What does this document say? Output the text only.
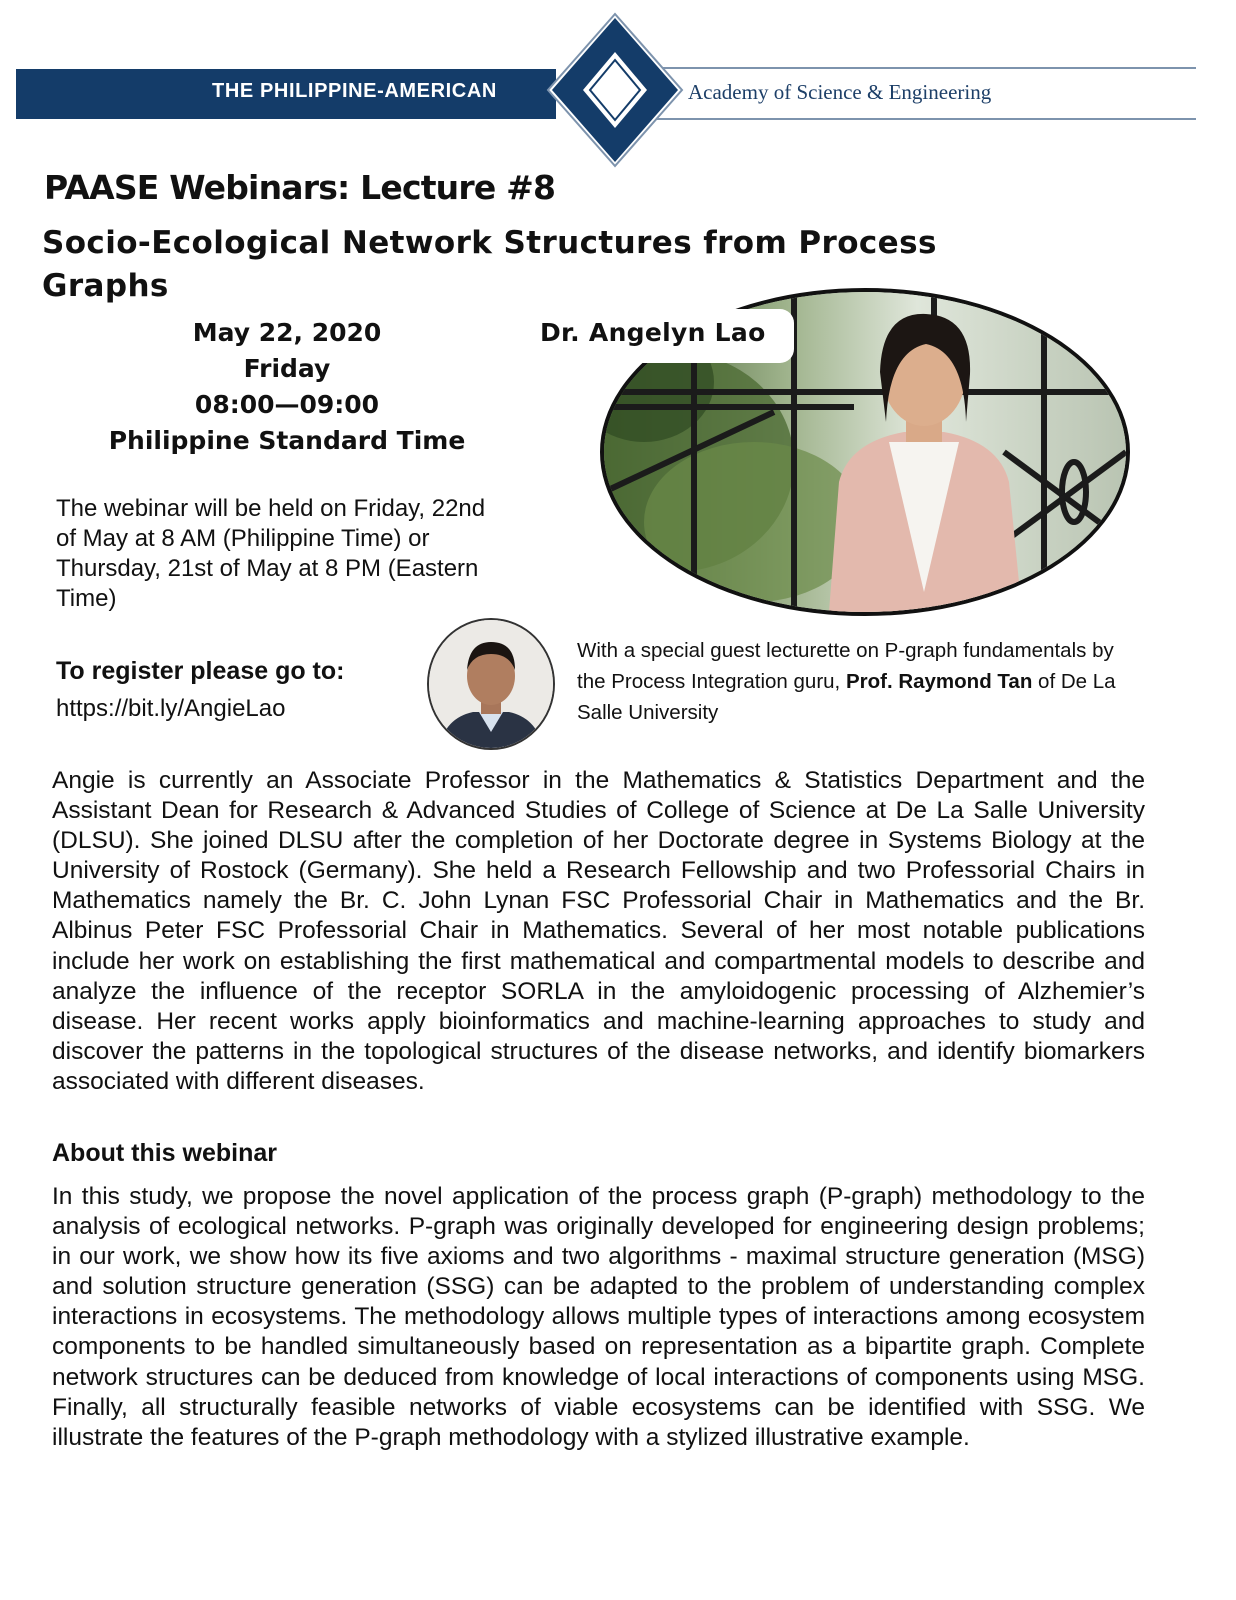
THE PHILIPPINE-AMERICAN	Academy of Science & Engineering
PAASE Webinars: Lecture #8
Socio-Ecological Network Structures from Process Graphs
May 22, 2020
Friday
08:00—09:00
Philippine Standard Time
Dr. Angelyn Lao
The webinar will be held on Friday, 22nd of May at 8 AM (Philippine Time) or Thursday, 21st of May at 8 PM (Eastern Time)
To register please go to:
https://bit.ly/AngieLao
With a special guest lecturette on P-graph fundamentals by the Process Integration guru, Prof. Raymond Tan of De La Salle University
Angie is currently an Associate Professor in the Mathematics & Statistics Department and the Assistant Dean for Research & Advanced Studies of College of Science at De La Salle University (DLSU). She joined DLSU after the completion of her Doctorate degree in Systems Biology at the University of Rostock (Germany). She held a Research Fellowship and two Professorial Chairs in Mathematics namely the Br. C. John Lynan FSC Professorial Chair in Mathematics and the Br. Albinus Peter FSC Professorial Chair in Mathematics. Several of her most notable publications include her work on establishing the first mathematical and compartmental models to describe and analyze the influence of the receptor SORLA in the amyloidogenic processing of Alzhemier’s disease. Her recent works apply bioinformatics and machine-learning approaches to study and discover the patterns in the topological structures of the disease networks, and identify biomarkers associated with different diseases.
About this webinar
In this study, we propose the novel application of the process graph (P-graph) methodology to the analysis of ecological networks. P-graph was originally developed for engineering design problems; in our work, we show how its five axioms and two algorithms - maximal structure generation (MSG) and solution structure generation (SSG) can be adapted to the problem of understanding complex interactions in ecosystems. The methodology allows multiple types of interactions among ecosystem components to be handled simultaneously based on representation as a bipartite graph. Complete network structures can be deduced from knowledge of local interactions of components using MSG. Finally, all structurally feasible networks of viable ecosystems can be identified with SSG. We illustrate the features of the P-graph methodology with a stylized illustrative example.
